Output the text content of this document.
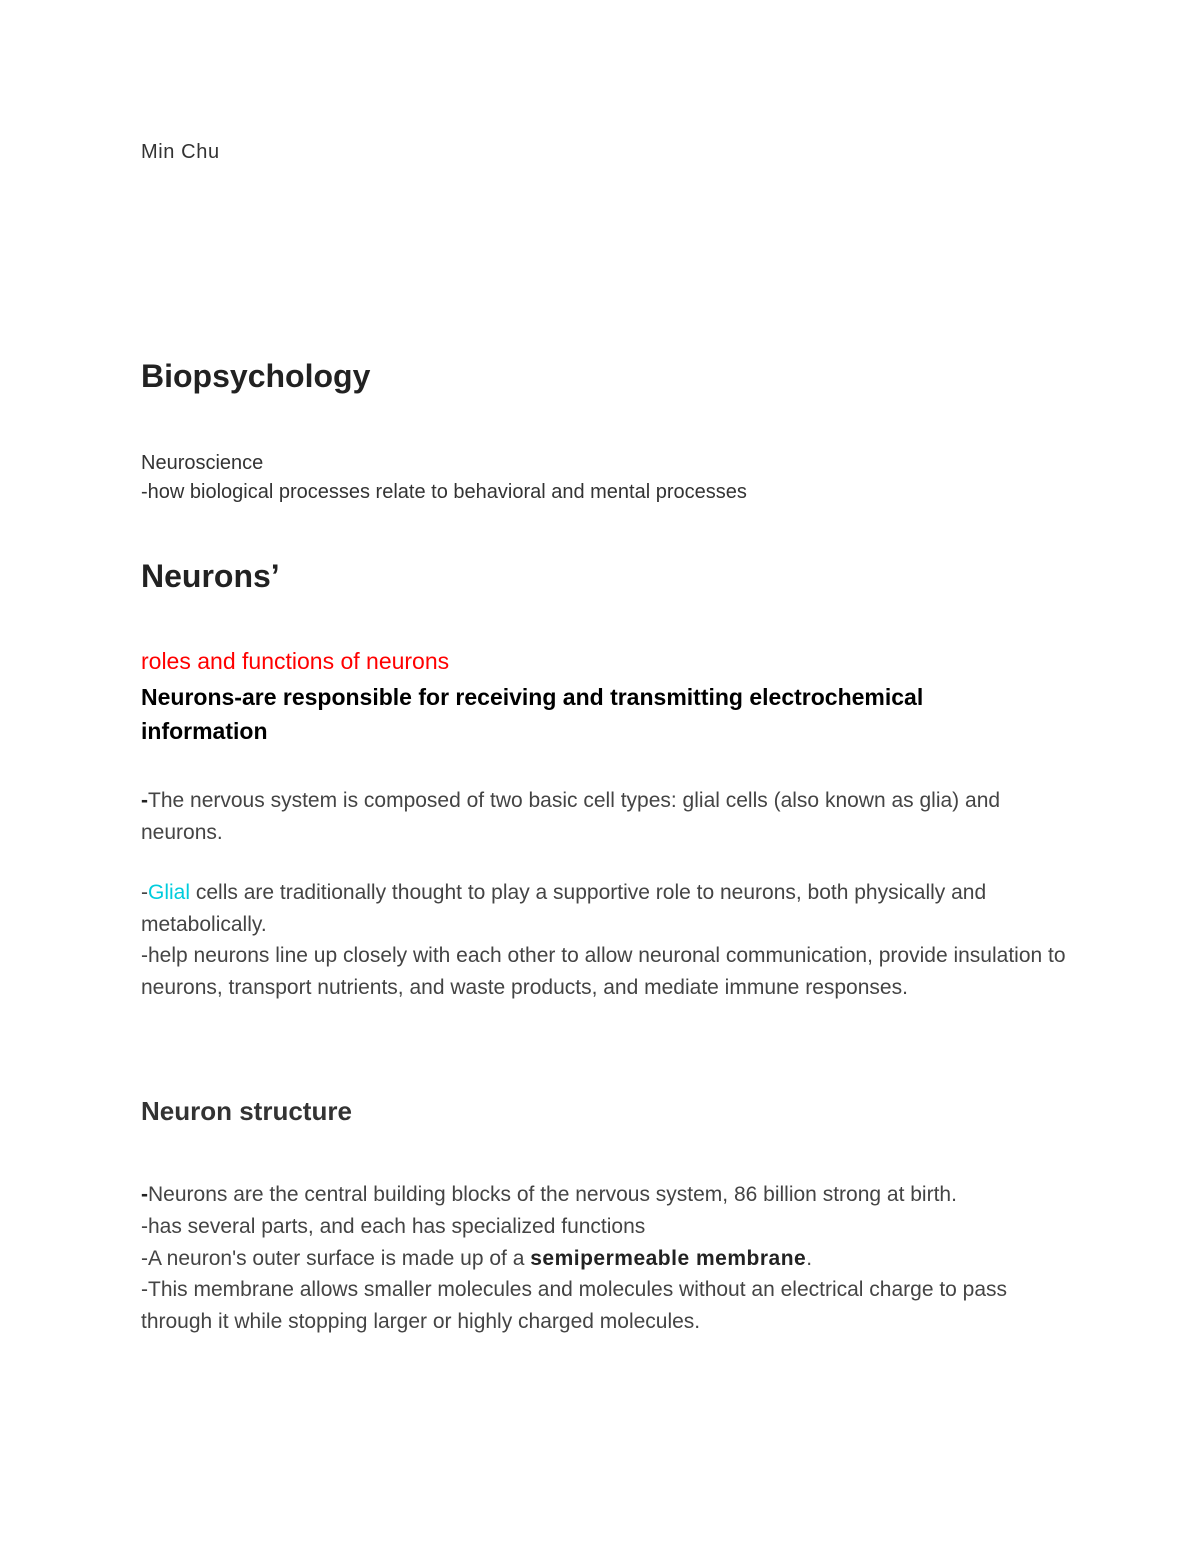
Min Chu

Biopsychology

Neuroscience

-how biological processes relate to behavioral and mental processes

Neurons’

roles and functions of neurons

Neurons-are responsible for receiving and transmitting electrochemical information

-The nervous system is composed of two basic cell types: glial cells (also known as glia) and neurons.

-Glial cells are traditionally thought to play a supportive role to neurons, both physically and metabolically.

-help neurons line up closely with each other to allow neuronal communication, provide insulation to neurons, transport nutrients, and waste products, and mediate immune responses.

Neuron structure

-Neurons are the central building blocks of the nervous system, 86 billion strong at birth.

-has several parts, and each has specialized functions

-A neuron's outer surface is made up of a semipermeable membrane.

-This membrane allows smaller molecules and molecules without an electrical charge to pass through it while stopping larger or highly charged molecules.
